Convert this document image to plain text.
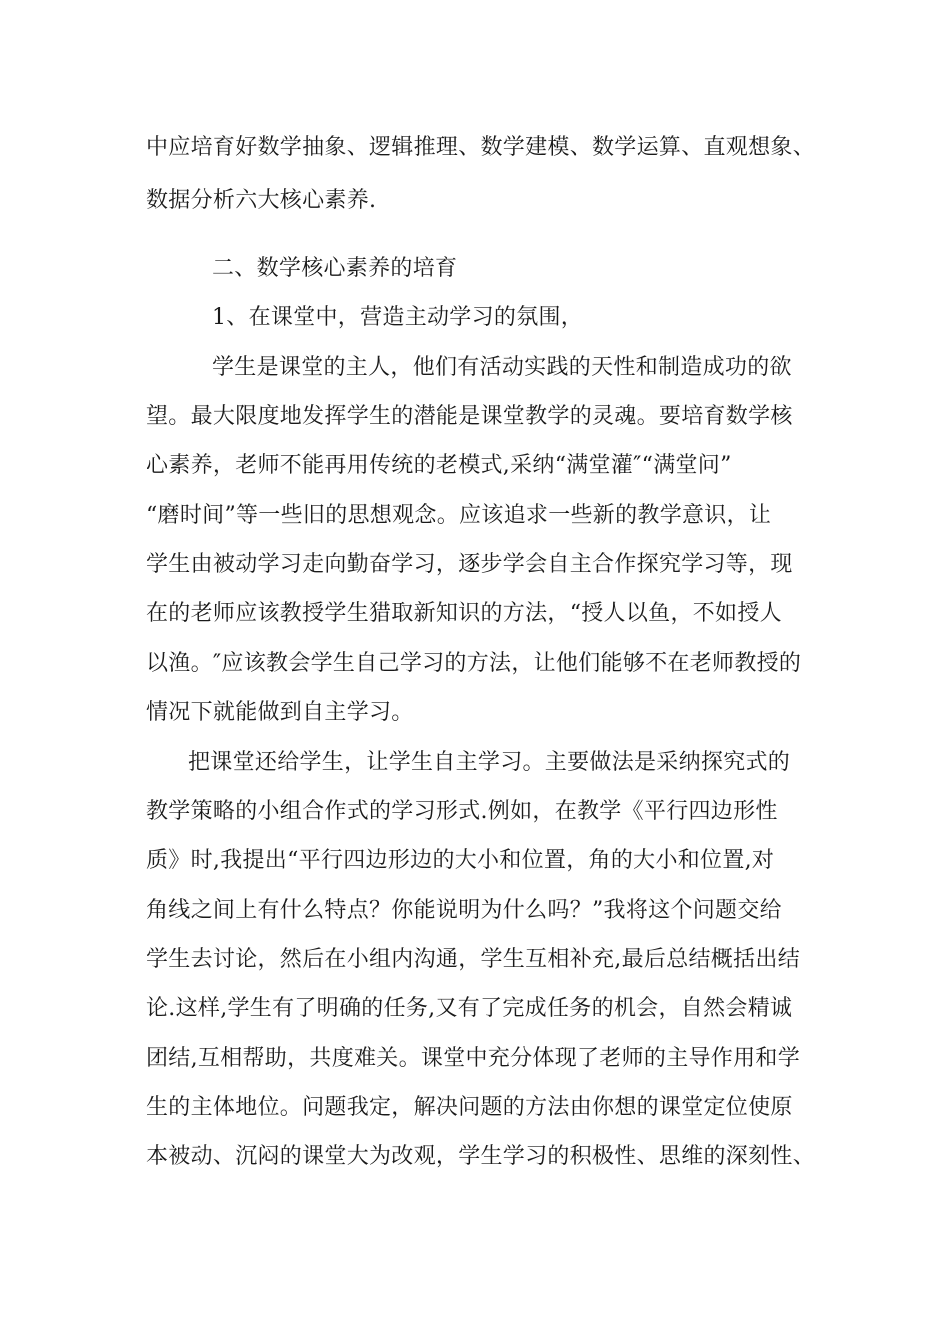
中应培育好数学抽象、逻辑推理、数学建模、数学运算、直观想象、
数据分析六大核心素养.
二、数学核心素养的培育
1、在课堂中，营造主动学习的氛围，
学生是课堂的主人，他们有活动实践的天性和制造成功的欲
望。最大限度地发挥学生的潜能是课堂教学的灵魂。要培育数学核
心素养，老师不能再用传统的老模式,采纳“满堂灌″“满堂问”
“磨时间”等一些旧的思想观念。应该追求一些新的教学意识，让
学生由被动学习走向勤奋学习，逐步学会自主合作探究学习等，现
在的老师应该教授学生猎取新知识的方法，“授人以鱼，不如授人
以渔。″应该教会学生自己学习的方法，让他们能够不在老师教授的
情况下就能做到自主学习。
把课堂还给学生，让学生自主学习。主要做法是采纳探究式的
教学策略的小组合作式的学习形式.例如，在教学《平行四边形性
质》时,我提出“平行四边形边的大小和位置，角的大小和位置,对
角线之间上有什么特点？你能说明为什么吗？”我将这个问题交给
学生去讨论，然后在小组内沟通，学生互相补充,最后总结概括出结
论.这样,学生有了明确的任务,又有了完成任务的机会，自然会精诚
团结,互相帮助，共度难关。课堂中充分体现了老师的主导作用和学
生的主体地位。问题我定，解决问题的方法由你想的课堂定位使原
本被动、沉闷的课堂大为改观，学生学习的积极性、思维的深刻性、
